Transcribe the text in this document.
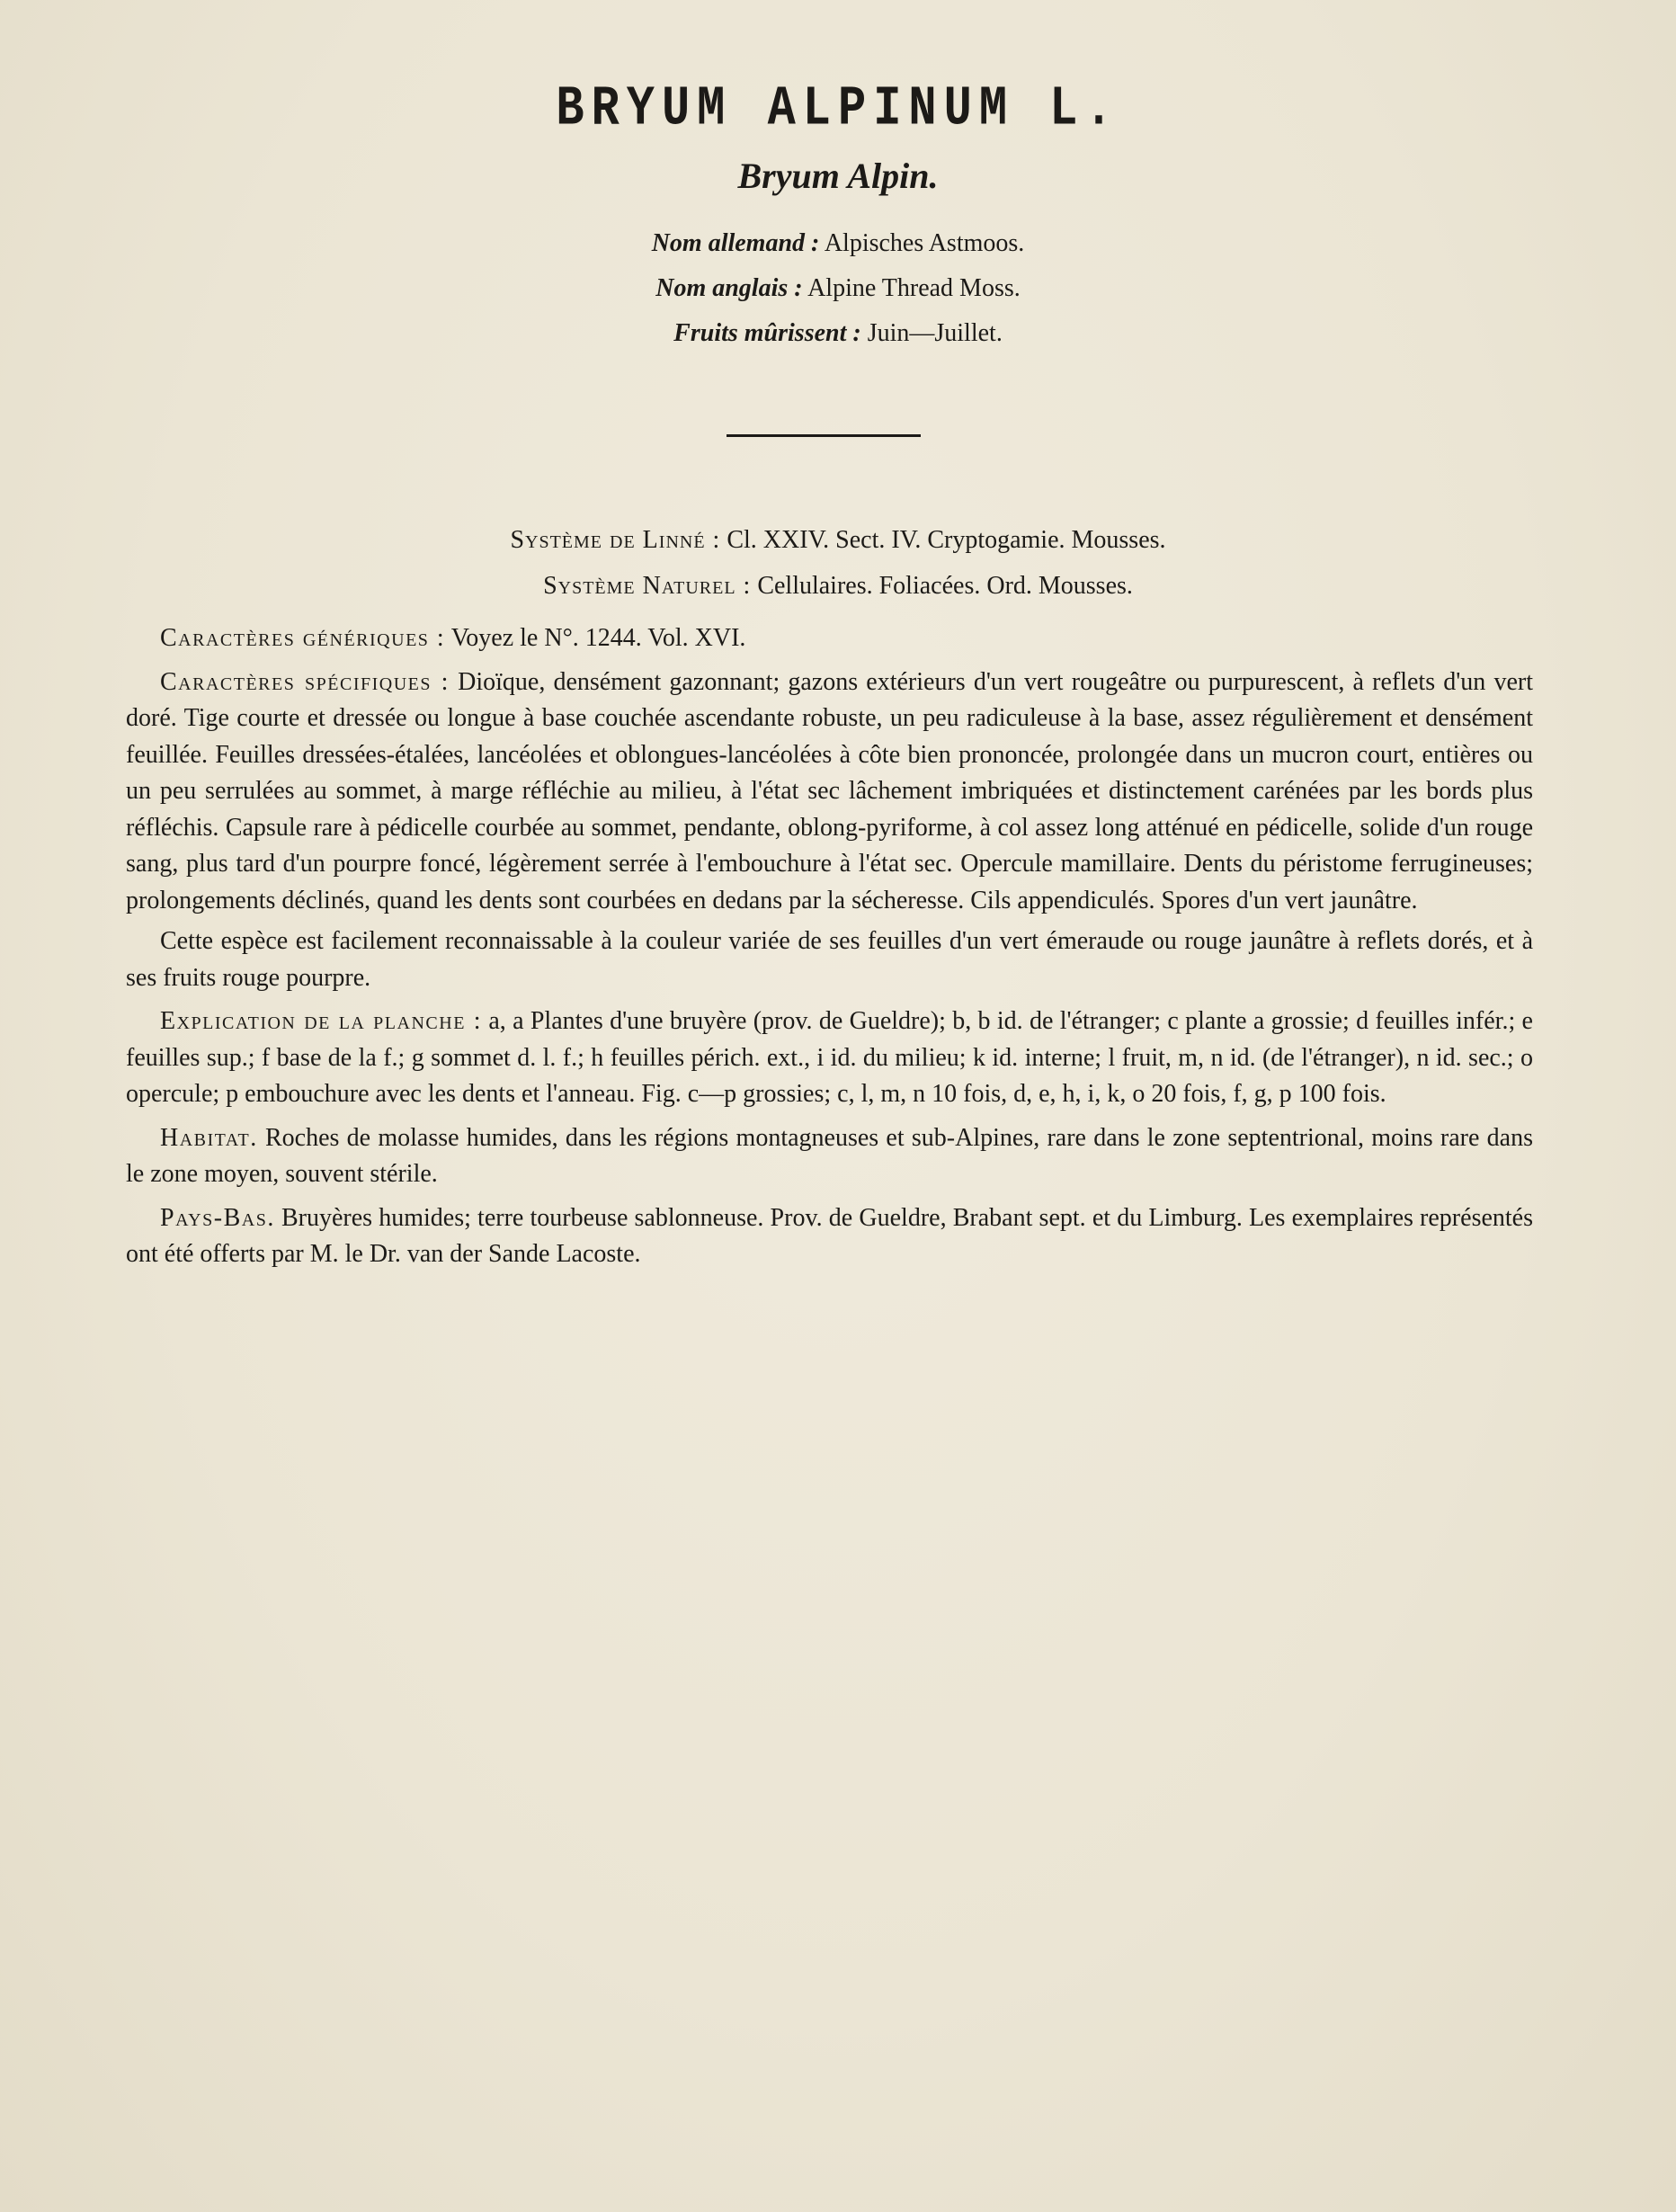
BRYUM ALPINUM L.
Bryum Alpin.
Nom allemand : Alpisches Astmoos.
Nom anglais : Alpine Thread Moss.
Fruits mûrissent : Juin—Juillet.
Système de Linné : Cl. XXIV. Sect. IV. Cryptogamie. Mousses.
Système Naturel : Cellulaires. Foliacées. Ord. Mousses.

Caractères génériques : Voyez le N°. 1244. Vol. XVI.

Caractères spécifiques : Dioïque, densément gazonnant; gazons extérieurs d'un vert rougeâtre ou purpurescent, à reflets d'un vert doré. Tige courte et dressée ou longue à base couchée ascendante robuste, un peu radiculeuse à la base, assez régulièrement et densément feuillée. Feuilles dressées-étalées, lancéolées et oblongues-lancéolées à côte bien prononcée, prolongée dans un mucron court, entières ou un peu serrulées au sommet, à marge réfléchie au milieu, à l'état sec lâchement imbriquées et distinctement carénées par les bords plus réfléchis. Capsule rare à pédicelle courbée au sommet, pendante, oblong-pyriforme, à col assez long atténué en pédicelle, solide d'un rouge sang, plus tard d'un pourpre foncé, légèrement serrée à l'embouchure à l'état sec. Opercule mamillaire. Dents du péristome ferrugineuses; prolongements déclinés, quand les dents sont courbées en dedans par la sécheresse. Cils appendiculés. Spores d'un vert jaunâtre.

Cette espèce est facilement reconnaissable à la couleur variée de ses feuilles d'un vert émeraude ou rouge jaunâtre à reflets dorés, et à ses fruits rouge pourpre.

Explication de la planche : a, a Plantes d'une bruyère (prov. de Gueldre); b, b id. de l'étranger; c plante a grossie; d feuilles infér.; e feuilles sup.; f base de la f.; g sommet d. l. f.; h feuilles périch. ext., i id. du milieu; k id. interne; l fruit, m, n id. (de l'étranger), n id. sec.; o opercule; p embouchure avec les dents et l'anneau. Fig. c—p grossies; c, l, m, n 10 fois, d, e, h, i, k, o 20 fois, f, g, p 100 fois.

Habitat. Roches de molasse humides, dans les régions montagneuses et sub-Alpines, rare dans le zone septentrional, moins rare dans le zone moyen, souvent stérile.

Pays-Bas. Bruyères humides; terre tourbeuse sablonneuse. Prov. de Gueldre, Brabant sept. et du Limburg. Les exemplaires représentés ont été offerts par M. le Dr. van der Sande Lacoste.
